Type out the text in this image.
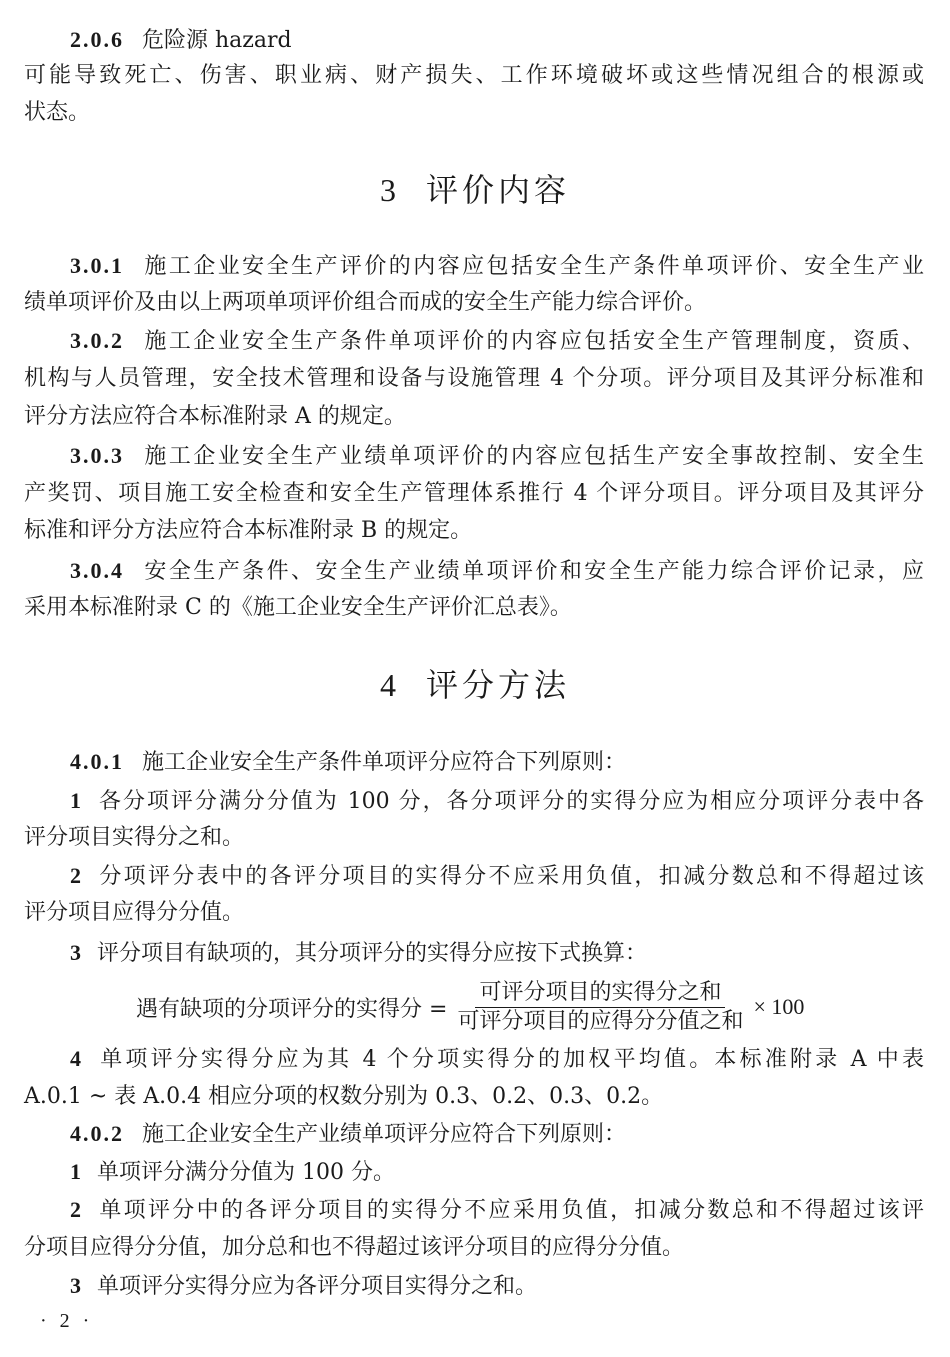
2.0.6 危险源 hazard
可能导致死亡、伤害、职业病、财产损失、工作环境破坏或这些情况组合的根源或
状态。
3 评价内容
3.0.1 施工企业安全生产评价的内容应包括安全生产条件单项评价、安全生产业
绩单项评价及由以上两项单项评价组合而成的安全生产能力综合评价。
3.0.2 施工企业安全生产条件单项评价的内容应包括安全生产管理制度，资质、
机构与人员管理，安全技术管理和设备与设施管理 4 个分项。评分项目及其评分标准和
评分方法应符合本标准附录 A 的规定。
3.0.3 施工企业安全生产业绩单项评价的内容应包括生产安全事故控制、安全生
产奖罚、项目施工安全检查和安全生产管理体系推行 4 个评分项目。评分项目及其评分
标准和评分方法应符合本标准附录 B 的规定。
3.0.4 安全生产条件、安全生产业绩单项评价和安全生产能力综合评价记录，应
采用本标准附录 C 的《施工企业安全生产评价汇总表》。
4 评分方法
4.0.1 施工企业安全生产条件单项评分应符合下列原则：
1 各分项评分满分分值为 100 分，各分项评分的实得分应为相应分项评分表中各
评分项目实得分之和。
2 分项评分表中的各评分项目的实得分不应采用负值，扣减分数总和不得超过该
评分项目应得分分值。
3 评分项目有缺项的，其分项评分的实得分应按下式换算：
遇有缺项的分项评分的实得分 = $\frac{\text{可评分项目的实得分之和}}{\text{可评分项目的应得分分值之和}} \times 100$
4 单项评分实得分应为其 4 个分项实得分的加权平均值。本标准附录 A 中表
A.0.1 ~ 表 A.0.4 相应分项的权数分别为 0.3、0.2、0.3、0.2。
4.0.2 施工企业安全生产业绩单项评分应符合下列原则：
1 单项评分满分分值为 100 分。
2 单项评分中的各评分项目的实得分不应采用负值，扣减分数总和不得超过该评
分项目应得分分值，加分总和也不得超过该评分项目的应得分分值。
3 单项评分实得分应为各评分项目实得分之和。
· 2 ·
